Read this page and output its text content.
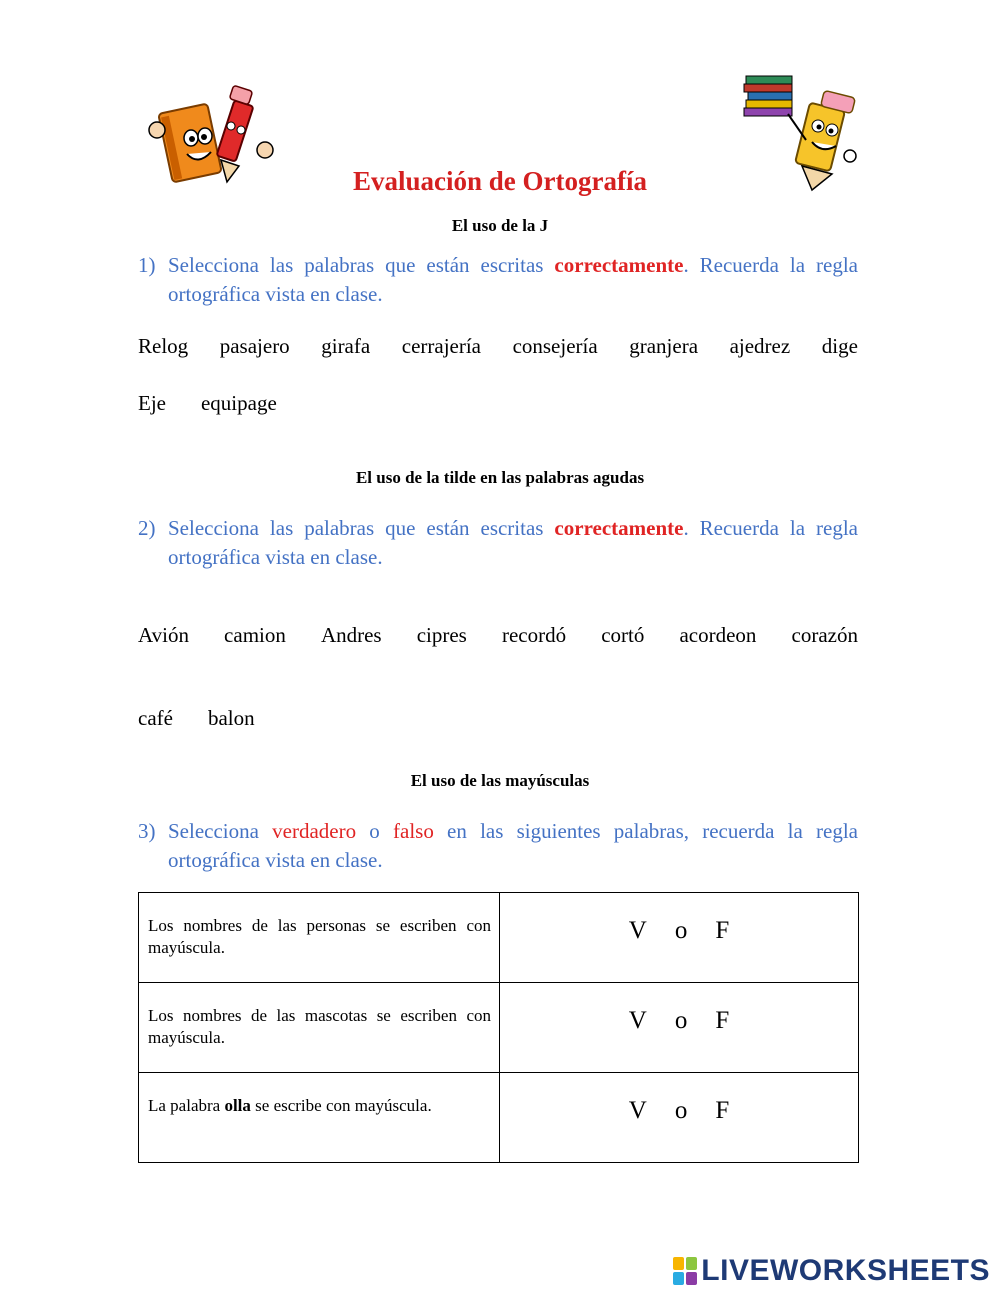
Evaluación de Ortografía
El uso de la J
1) Selecciona las palabras que están escritas correctamente. Recuerda la regla ortográfica vista en clase.
Relog pasajero girafa cerrajería consejería granjera ajedrez dige
Eje equipage
El uso de la tilde en las palabras agudas
2) Selecciona las palabras que están escritas correctamente. Recuerda la regla ortográfica vista en clase.
Avión camion Andres cipres recordó cortó acordeon corazón
café balon
El uso de las mayúsculas
3) Selecciona verdadero o falso en las siguientes palabras, recuerda la regla ortográfica vista en clase.
Los nombres de las personas se escriben con mayúscula.	V o F
Los nombres de las mascotas se escriben con mayúscula.	V o F
La palabra olla se escribe con mayúscula.	V o F
LIVEWORKSHEETS
